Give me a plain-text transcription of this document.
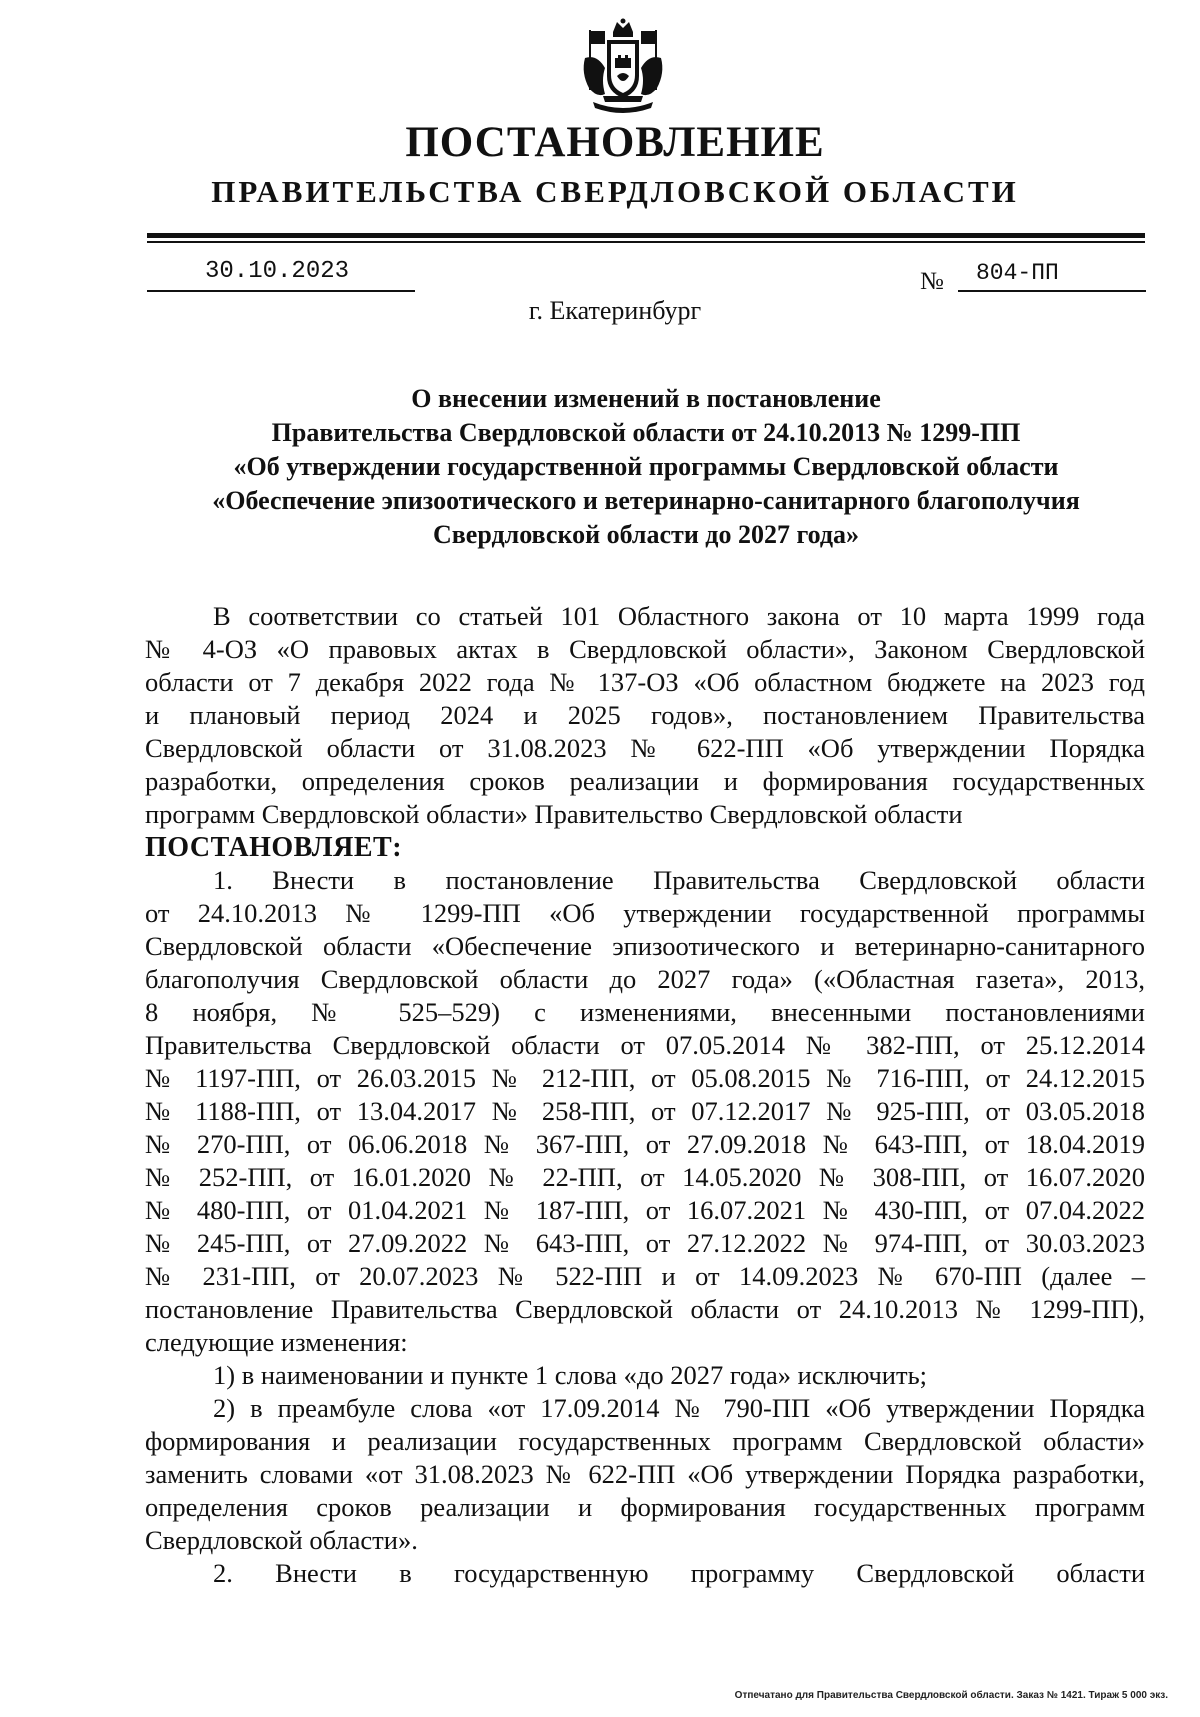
ПОСТАНОВЛЕНИЕ
ПРАВИТЕЛЬСТВА СВЕРДЛОВСКОЙ ОБЛАСТИ
30.10.2023	№ 804-ПП
г. Екатеринбург
О внесении изменений в постановление
Правительства Свердловской области от 24.10.2013 № 1299-ПП
«Об утверждении государственной программы Свердловской области
«Обеспечение эпизоотического и ветеринарно-санитарного благополучия
Свердловской области до 2027 года»
В соответствии со статьей 101 Областного закона от 10 марта 1999 года
№ 4-ОЗ «О правовых актах в Свердловской области», Законом Свердловской
области от 7 декабря 2022 года № 137-ОЗ «Об областном бюджете на 2023 год
и плановый период 2024 и 2025 годов», постановлением Правительства
Свердловской области от 31.08.2023 № 622-ПП «Об утверждении Порядка
разработки, определения сроков реализации и формирования государственных
программ Свердловской области» Правительство Свердловской области
ПОСТАНОВЛЯЕТ:
1. Внести в постановление Правительства Свердловской области
от 24.10.2013 № 1299-ПП «Об утверждении государственной программы
Свердловской области «Обеспечение эпизоотического и ветеринарно-санитарного
благополучия Свердловской области до 2027 года» («Областная газета», 2013,
8 ноября, № 525–529) с изменениями, внесенными постановлениями
Правительства Свердловской области от 07.05.2014 № 382-ПП, от 25.12.2014
№ 1197-ПП, от 26.03.2015 № 212-ПП, от 05.08.2015 № 716-ПП, от 24.12.2015
№ 1188-ПП, от 13.04.2017 № 258-ПП, от 07.12.2017 № 925-ПП, от 03.05.2018
№ 270-ПП, от 06.06.2018 № 367-ПП, от 27.09.2018 № 643-ПП, от 18.04.2019
№ 252-ПП, от 16.01.2020 № 22-ПП, от 14.05.2020 № 308-ПП, от 16.07.2020
№ 480-ПП, от 01.04.2021 № 187-ПП, от 16.07.2021 № 430-ПП, от 07.04.2022
№ 245-ПП, от 27.09.2022 № 643-ПП, от 27.12.2022 № 974-ПП, от 30.03.2023
№ 231-ПП, от 20.07.2023 № 522-ПП и от 14.09.2023 № 670-ПП (далее –
постановление Правительства Свердловской области от 24.10.2013 № 1299-ПП),
следующие изменения:
1) в наименовании и пункте 1 слова «до 2027 года» исключить;
2) в преамбуле слова «от 17.09.2014 № 790-ПП «Об утверждении Порядка
формирования и реализации государственных программ Свердловской области»
заменить словами «от 31.08.2023 № 622-ПП «Об утверждении Порядка разработки,
определения сроков реализации и формирования государственных программ
Свердловской области».
2. Внести в государственную программу Свердловской области
Отпечатано для Правительства Свердловской области. Заказ № 1421. Тираж 5 000 экз.
